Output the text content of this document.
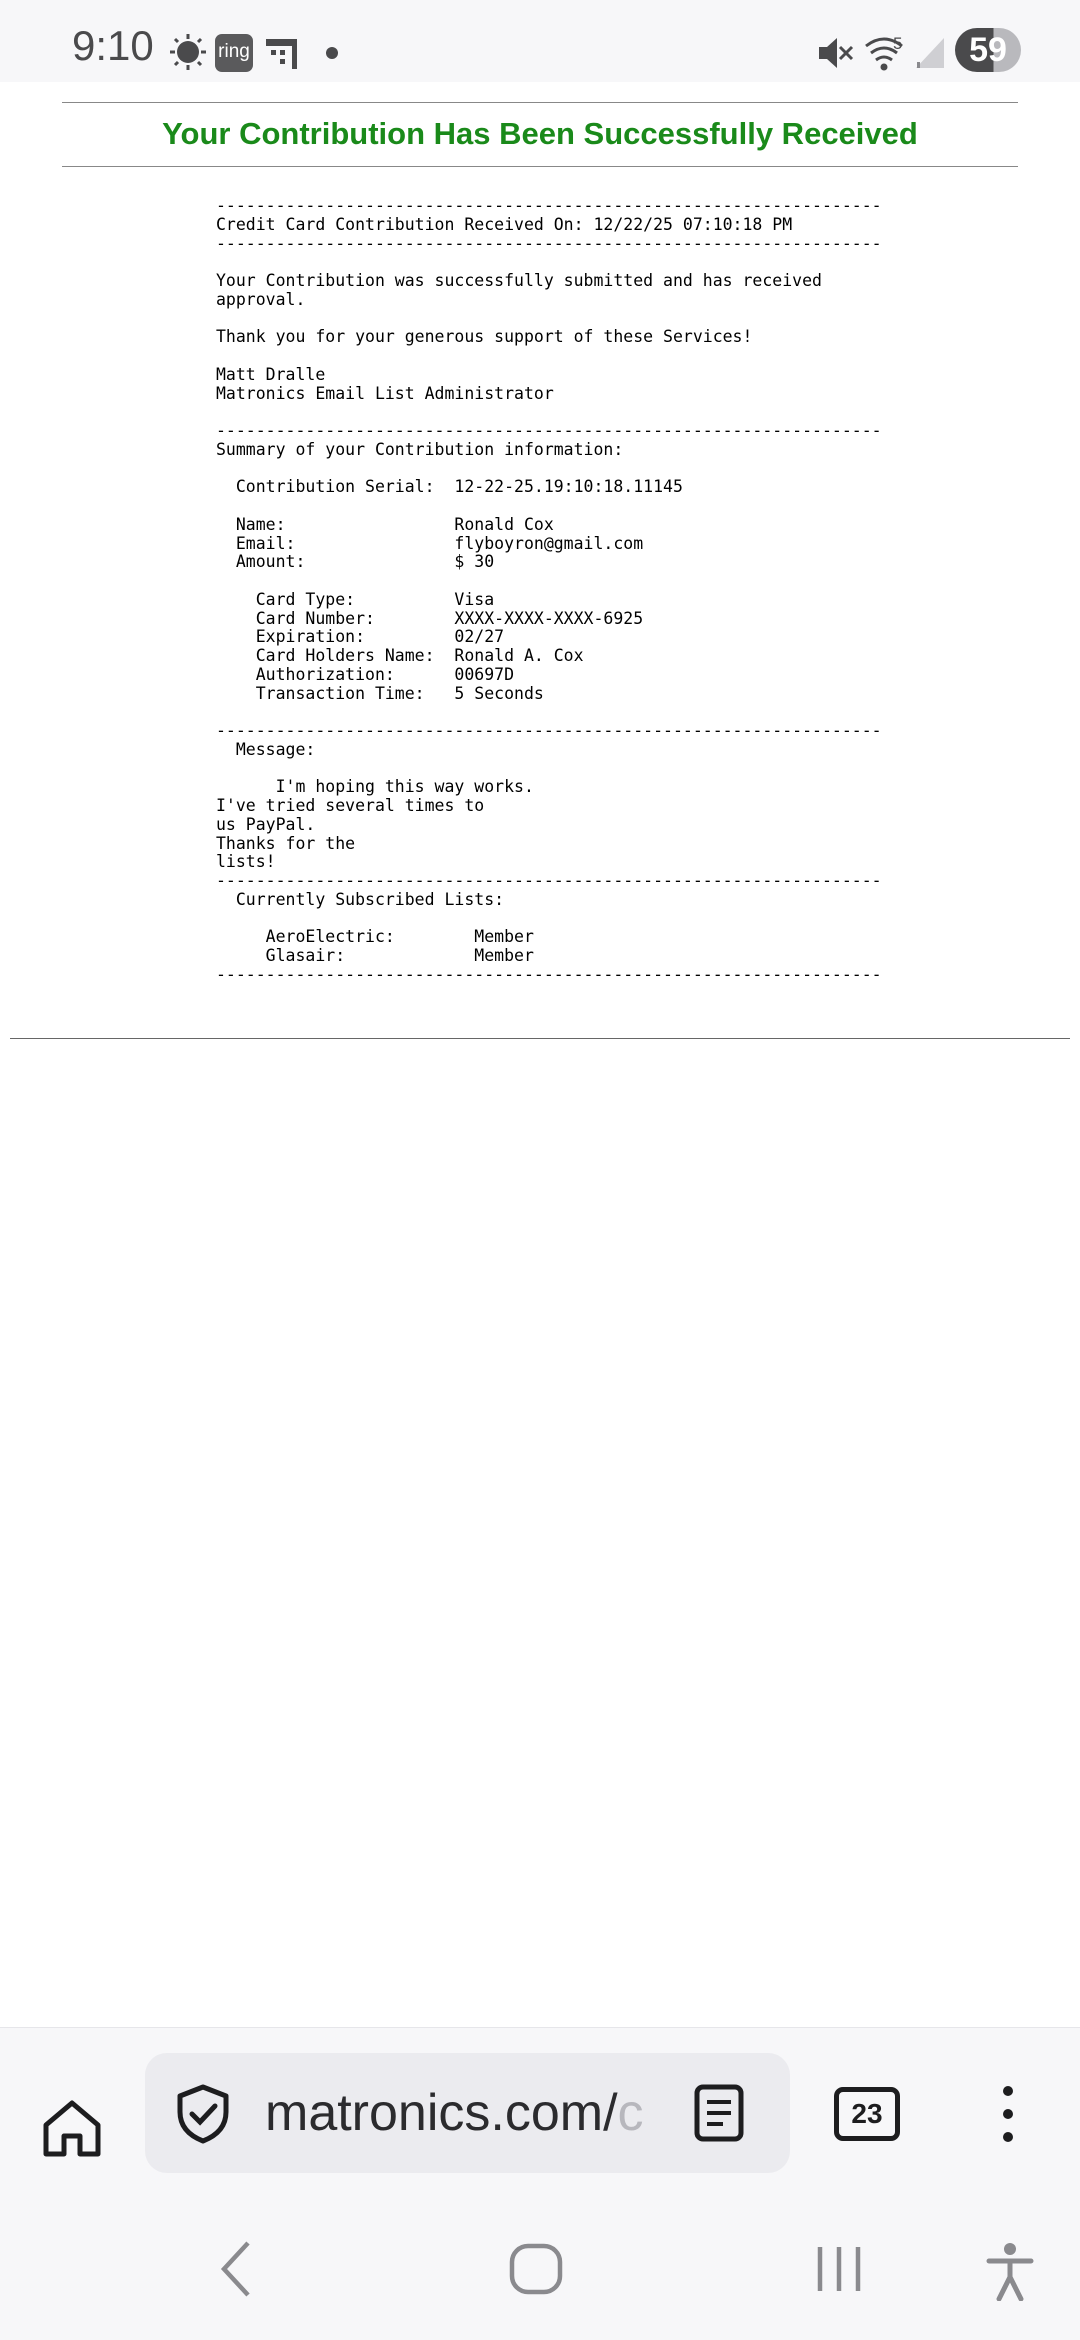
9:10	ring	5	59
Your Contribution Has Been Successfully Received
-------------------------------------------------------------------
Credit Card Contribution Received On: 12/22/25 07:10:18 PM
-------------------------------------------------------------------

Your Contribution was successfully submitted and has received
approval.

Thank you for your generous support of these Services!

Matt Dralle
Matronics Email List Administrator

-------------------------------------------------------------------
Summary of your Contribution information:

Contribution Serial:  12-22-25.19:10:18.11145

Name:                 Ronald Cox
Email:                flyboyron@gmail.com
Amount:               $ 30

Card Type:          Visa
Card Number:        XXXX-XXXX-XXXX-6925
Expiration:         02/27
Card Holders Name:  Ronald A. Cox
Authorization:      00697D
Transaction Time:   5 Seconds

-------------------------------------------------------------------
Message:

I'm hoping this way works.
I've tried several times to
us PayPal.
Thanks for the
lists!
-------------------------------------------------------------------
Currently Subscribed Lists:

AeroElectric:        Member
Glasair:             Member
-------------------------------------------------------------------

matronics.com/c	23
